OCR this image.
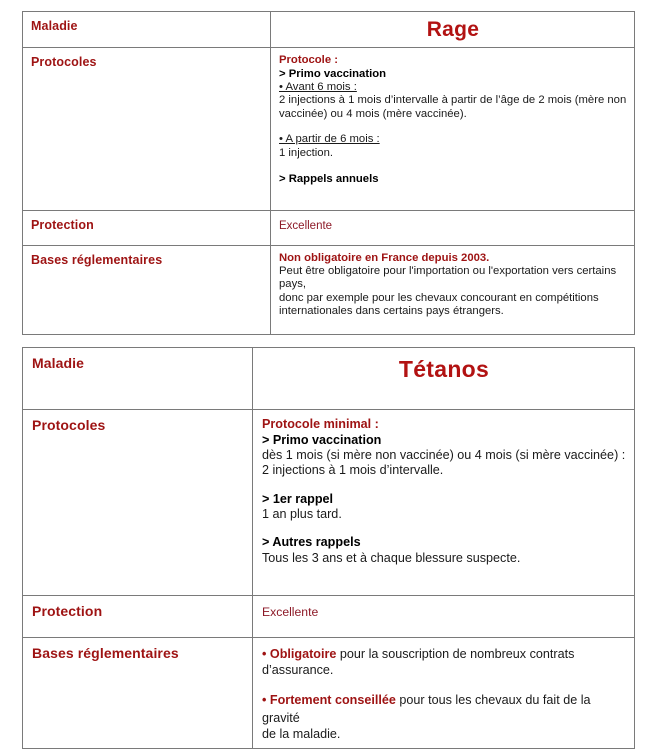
Maladie	Rage

Protocoles	Protocole :
> Primo vaccination
• Avant 6 mois :
2 injections à 1 mois d’intervalle à partir de l’âge de 2 mois (mère non
vaccinée) ou 4 mois (mère vaccinée).
• A partir de 6 mois :
1 injection.
> Rappels annuels

Protection	Excellente
Bases réglementaires	Non obligatoire en France depuis 2003.
Peut être obligatoire pour l'importation ou l'exportation vers certains pays,
donc par exemple pour les chevaux concourant en compétitions
internationales dans certains pays étrangers.
Maladie	Tétanos

Protocoles	Protocole minimal :
> Primo vaccination
dès 1 mois (si mère non vaccinée) ou 4 mois (si mère vaccinée) :
2 injections à 1 mois d’intervalle.
> 1er rappel
1 an plus tard.
> Autres rappels
Tous les 3 ans et à chaque blessure suspecte.

Protection	Excellente
Bases réglementaires	• Obligatoire pour la souscription de nombreux contrats
d’assurance.
• Fortement conseillée pour tous les chevaux du fait de la gravité
de la maladie.
